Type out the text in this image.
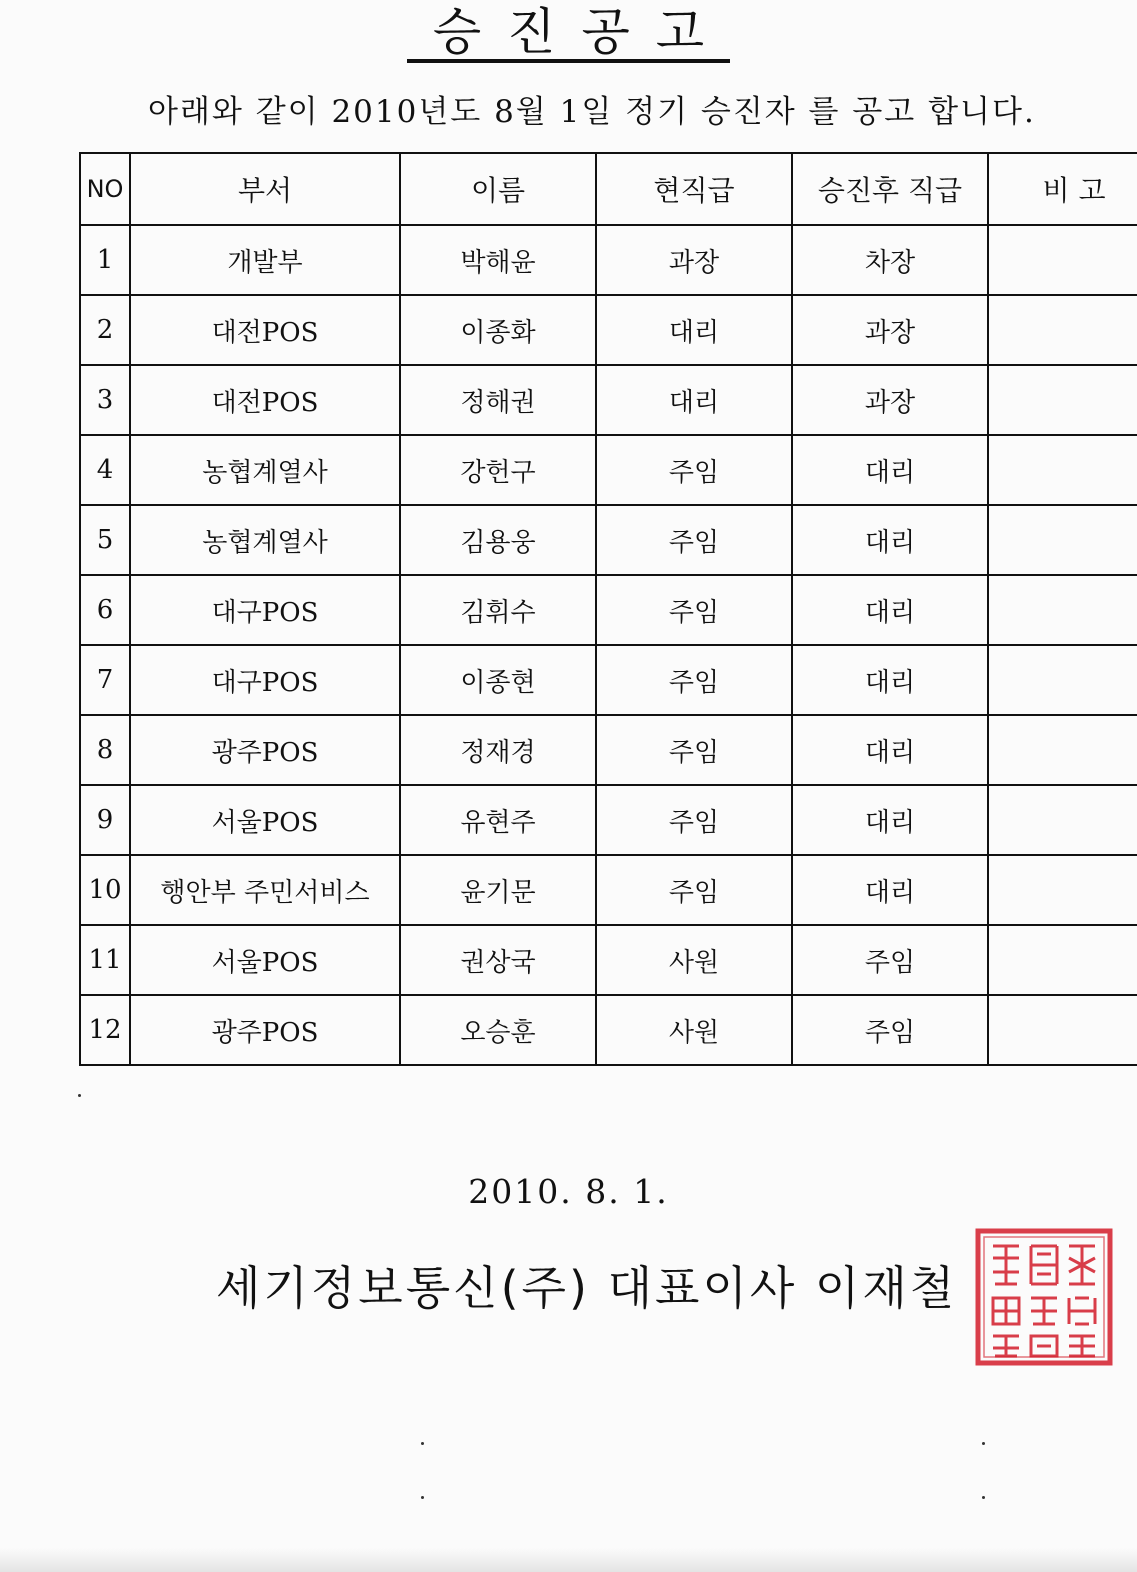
승진공고
아래와 같이 2010년도 8월 1일 정기 승진자 를 공고 합니다.
NO	부서	이름	현직급	승진후 직급	비 고
1	개발부	박해윤	과장	차장	
2	대전POS	이종화	대리	과장	
3	대전POS	정해권	대리	과장	
4	농협계열사	강헌구	주임	대리	
5	농협계열사	김용웅	주임	대리	
6	대구POS	김휘수	주임	대리	
7	대구POS	이종현	주임	대리	
8	광주POS	정재경	주임	대리	
9	서울POS	유현주	주임	대리	
10	행안부 주민서비스	윤기문	주임	대리	
11	서울POS	권상국	사원	주임	
12	광주POS	오승훈	사원	주임	
2010. 8. 1.
세기정보통신(주) 대표이사 이재철
